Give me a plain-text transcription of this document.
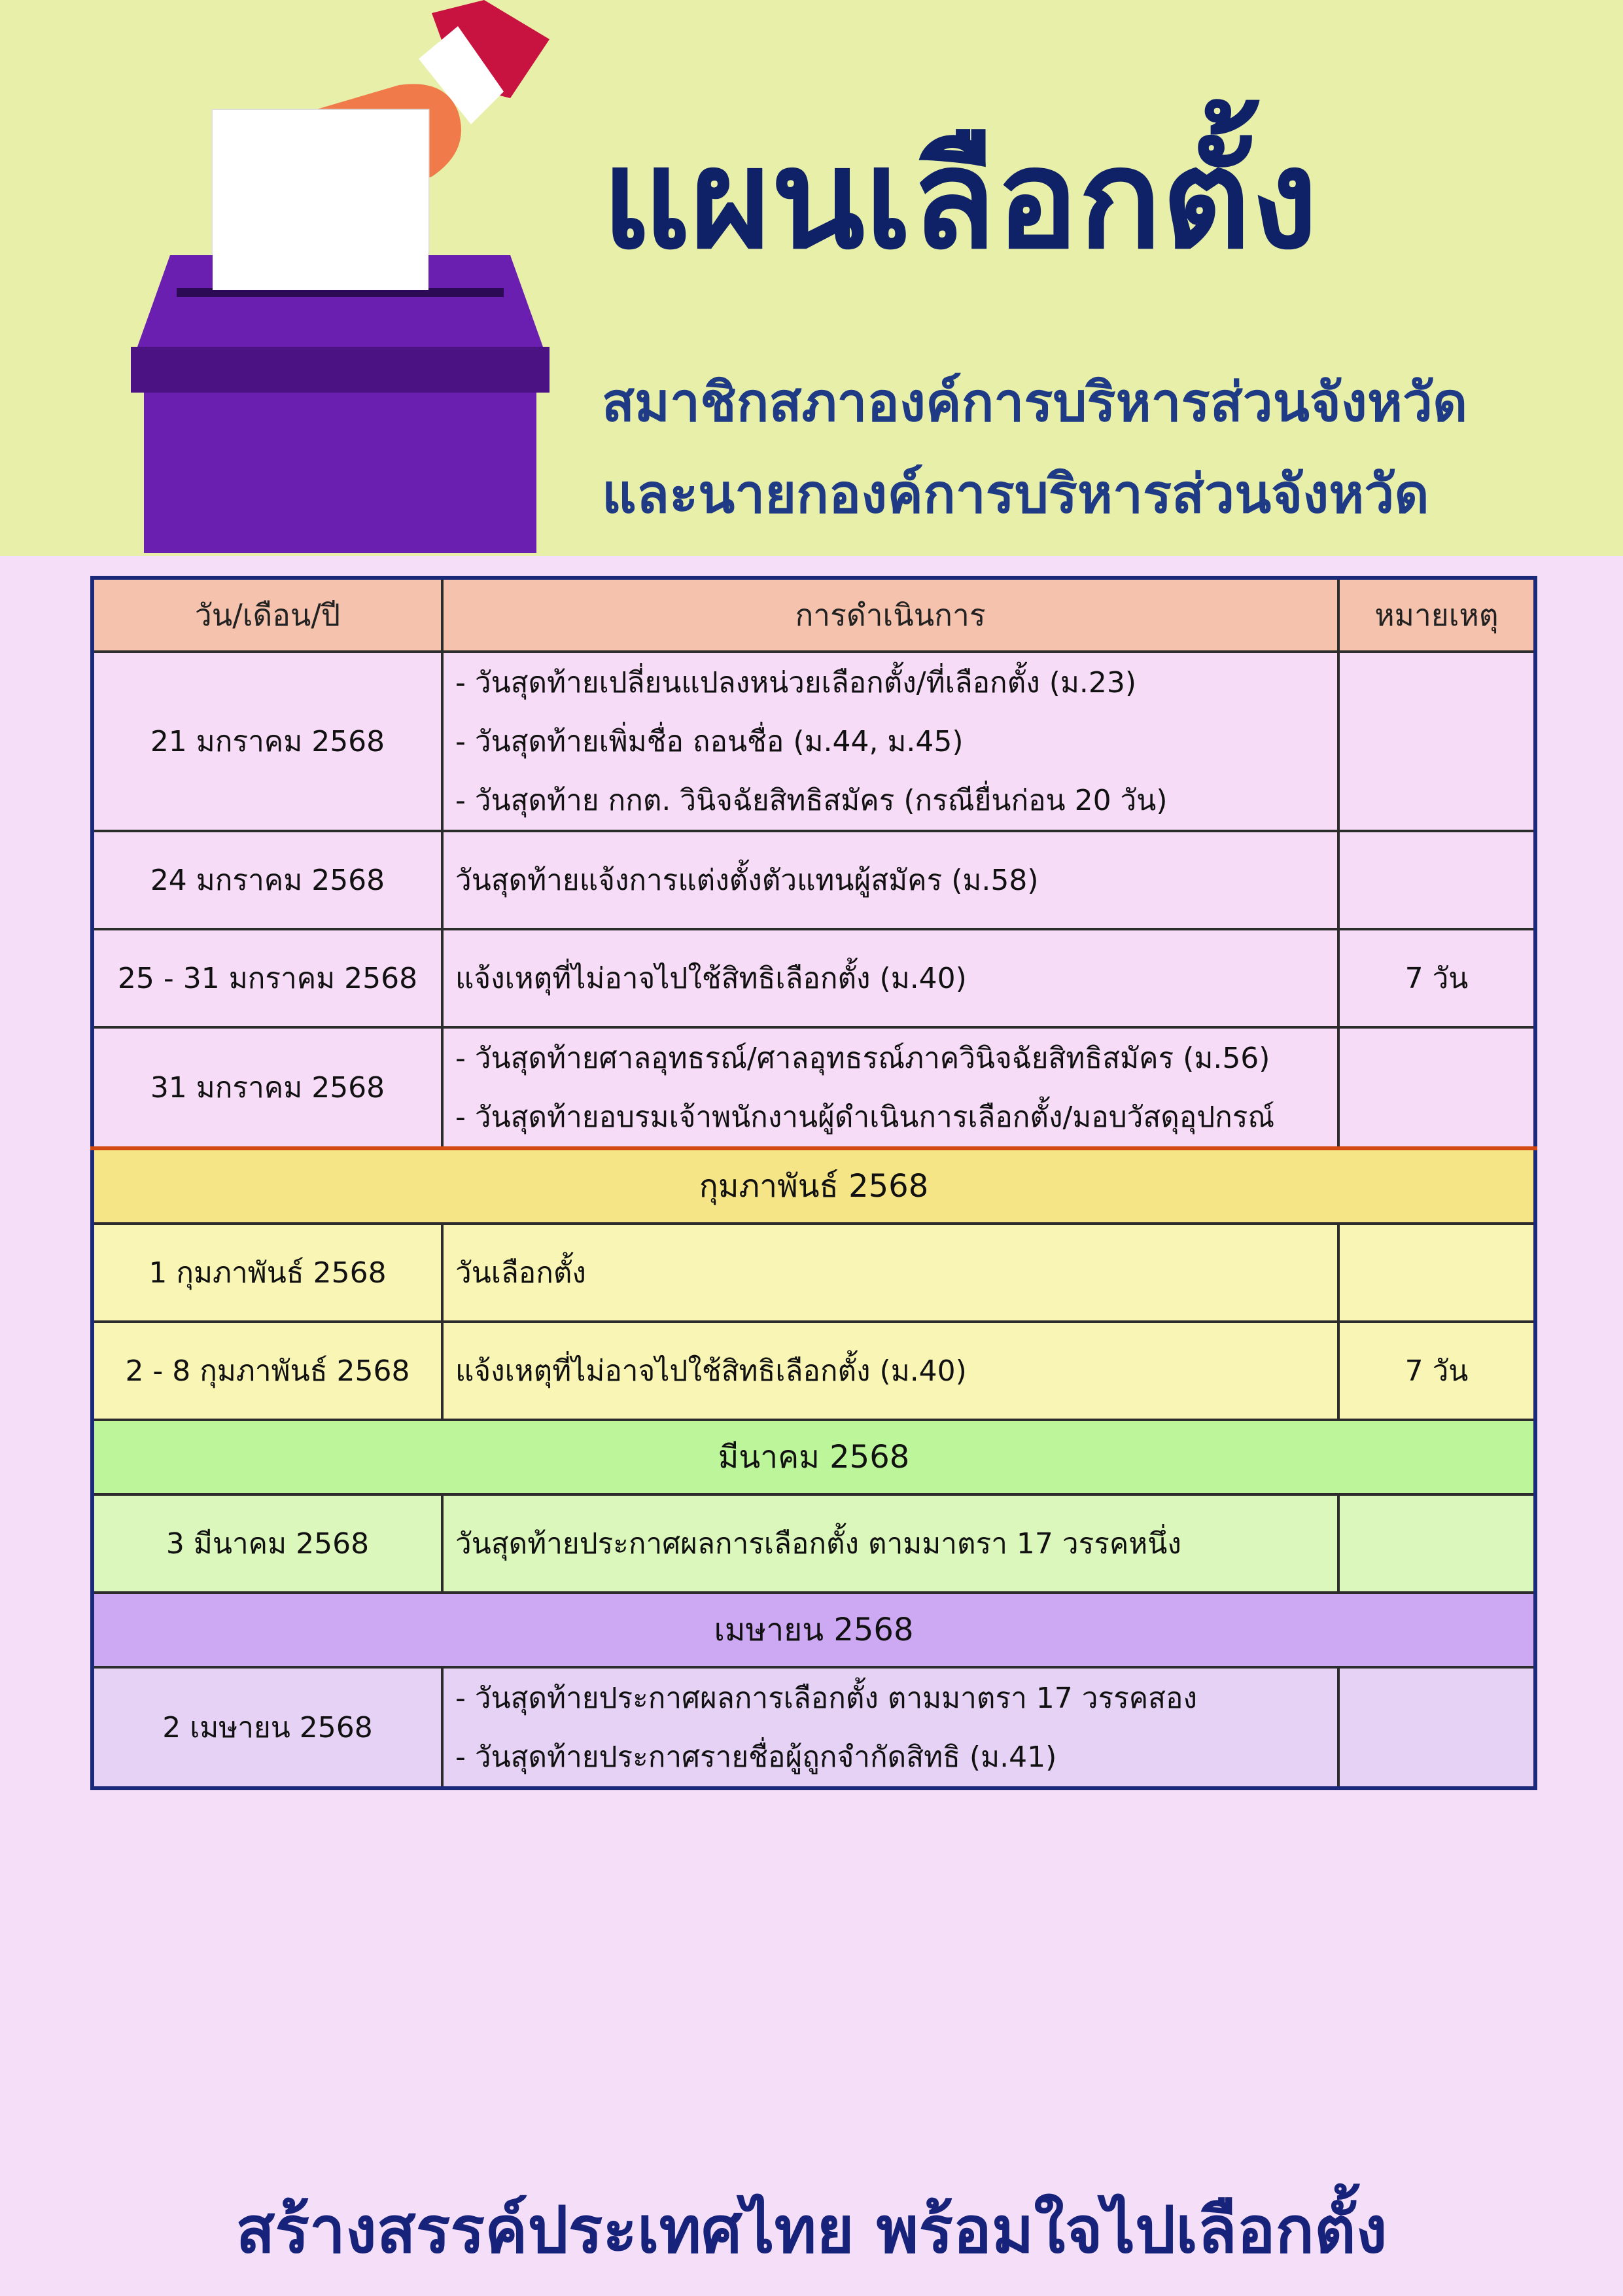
แผนเลือกตั้ง
สมาชิกสภาองค์การบริหารส่วนจังหวัด
และนายกองค์การบริหารส่วนจังหวัด
วัน/เดือน/ปี	การดำเนินการ	หมายเหตุ
21 มกราคม 2568	- วันสุดท้ายเปลี่ยนแปลงหน่วยเลือกตั้ง/ที่เลือกตั้ง (ม.23)
- วันสุดท้ายเพิ่มชื่อ ถอนชื่อ (ม.44, ม.45)
- วันสุดท้าย กกต. วินิจฉัยสิทธิสมัคร (กรณียื่นก่อน 20 วัน)	

24 มกราคม 2568	วันสุดท้ายแจ้งการแต่งตั้งตัวแทนผู้สมัคร (ม.58)	

25 - 31 มกราคม 2568	แจ้งเหตุที่ไม่อาจไปใช้สิทธิเลือกตั้ง (ม.40)	7 วัน
31 มกราคม 2568	- วันสุดท้ายศาลอุทธรณ์/ศาลอุทธรณ์ภาควินิจฉัยสิทธิสมัคร (ม.56)
- วันสุดท้ายอบรมเจ้าพนักงานผู้ดำเนินการเลือกตั้ง/มอบวัสดุอุปกรณ์	

กุมภาพันธ์ 2568		
1 กุมภาพันธ์ 2568	วันเลือกตั้ง	

2 - 8 กุมภาพันธ์ 2568	แจ้งเหตุที่ไม่อาจไปใช้สิทธิเลือกตั้ง (ม.40)	7 วัน
มีนาคม 2568		
3 มีนาคม 2568	วันสุดท้ายประกาศผลการเลือกตั้ง ตามมาตรา 17 วรรคหนึ่ง	

เมษายน 2568		
2 เมษายน 2568	- วันสุดท้ายประกาศผลการเลือกตั้ง ตามมาตรา 17 วรรคสอง
- วันสุดท้ายประกาศรายชื่อผู้ถูกจำกัดสิทธิ (ม.41)	

สร้างสรรค์ประเทศไทย พร้อมใจไปเลือกตั้ง
